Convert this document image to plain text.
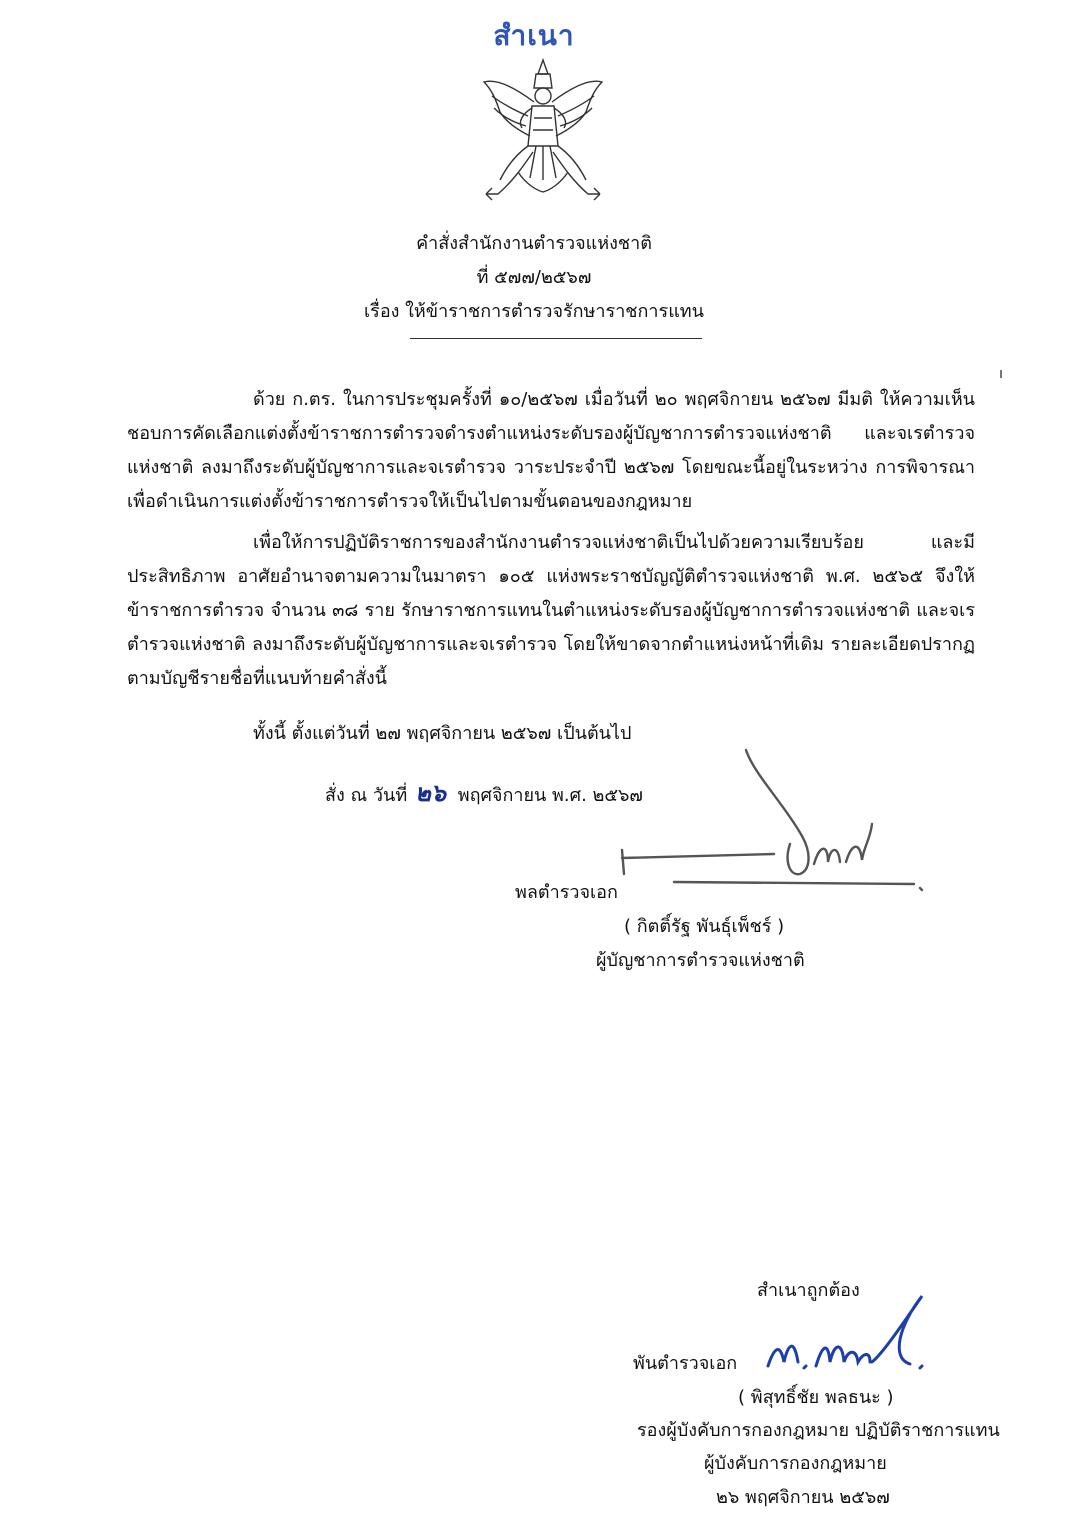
สำเนา
คำสั่งสำนักงานตำรวจแห่งชาติ
ที่ ๕๗๗/๒๕๖๗
เรื่อง ให้ข้าราชการตำรวจรักษาราชการแทน
ด้วย ก.ตร. ในการประชุมครั้งที่ ๑๐/๒๕๖๗ เมื่อวันที่ ๒๐ พฤศจิกายน ๒๕๖๗ มีมติ ให้ความเห็นชอบการคัดเลือกแต่งตั้งข้าราชการตำรวจดำรงตำแหน่งระดับรองผู้บัญชาการตำรวจแห่งชาติ และจเรตำรวจแห่งชาติ ลงมาถึงระดับผู้บัญชาการและจเรตำรวจ วาระประจำปี ๒๕๖๗ โดยขณะนี้อยู่ในระหว่าง การพิจารณาเพื่อดำเนินการแต่งตั้งข้าราชการตำรวจให้เป็นไปตามขั้นตอนของกฎหมาย
เพื่อให้การปฏิบัติราชการของสำนักงานตำรวจแห่งชาติเป็นไปด้วยความเรียบร้อย และมีประสิทธิภาพ อาศัยอำนาจตามความในมาตรา ๑๐๕ แห่งพระราชบัญญัติตำรวจแห่งชาติ พ.ศ. ๒๕๖๕ จึงให้ข้าราชการตำรวจ จำนวน ๓๘ ราย รักษาราชการแทนในตำแหน่งระดับรองผู้บัญชาการตำรวจแห่งชาติ และจเรตำรวจแห่งชาติ ลงมาถึงระดับผู้บัญชาการและจเรตำรวจ โดยให้ขาดจากตำแหน่งหน้าที่เดิม รายละเอียดปรากฏตามบัญชีรายชื่อที่แนบท้ายคำสั่งนี้
ทั้งนี้ ตั้งแต่วันที่ ๒๗ พฤศจิกายน ๒๕๖๗ เป็นต้นไป
สั่ง ณ วันที่ ๒๖ พฤศจิกายน พ.ศ. ๒๕๖๗
พลตำรวจเอก
( กิตติ์รัฐ พันธุ์เพ็ชร์ )
ผู้บัญชาการตำรวจแห่งชาติ
สำเนาถูกต้อง
พันตำรวจเอก
( พิสุทธิ์ชัย พลธนะ )
รองผู้บังคับการกองกฎหมาย ปฏิบัติราชการแทน
ผู้บังคับการกองกฎหมาย
๒๖ พฤศจิกายน ๒๕๖๗
